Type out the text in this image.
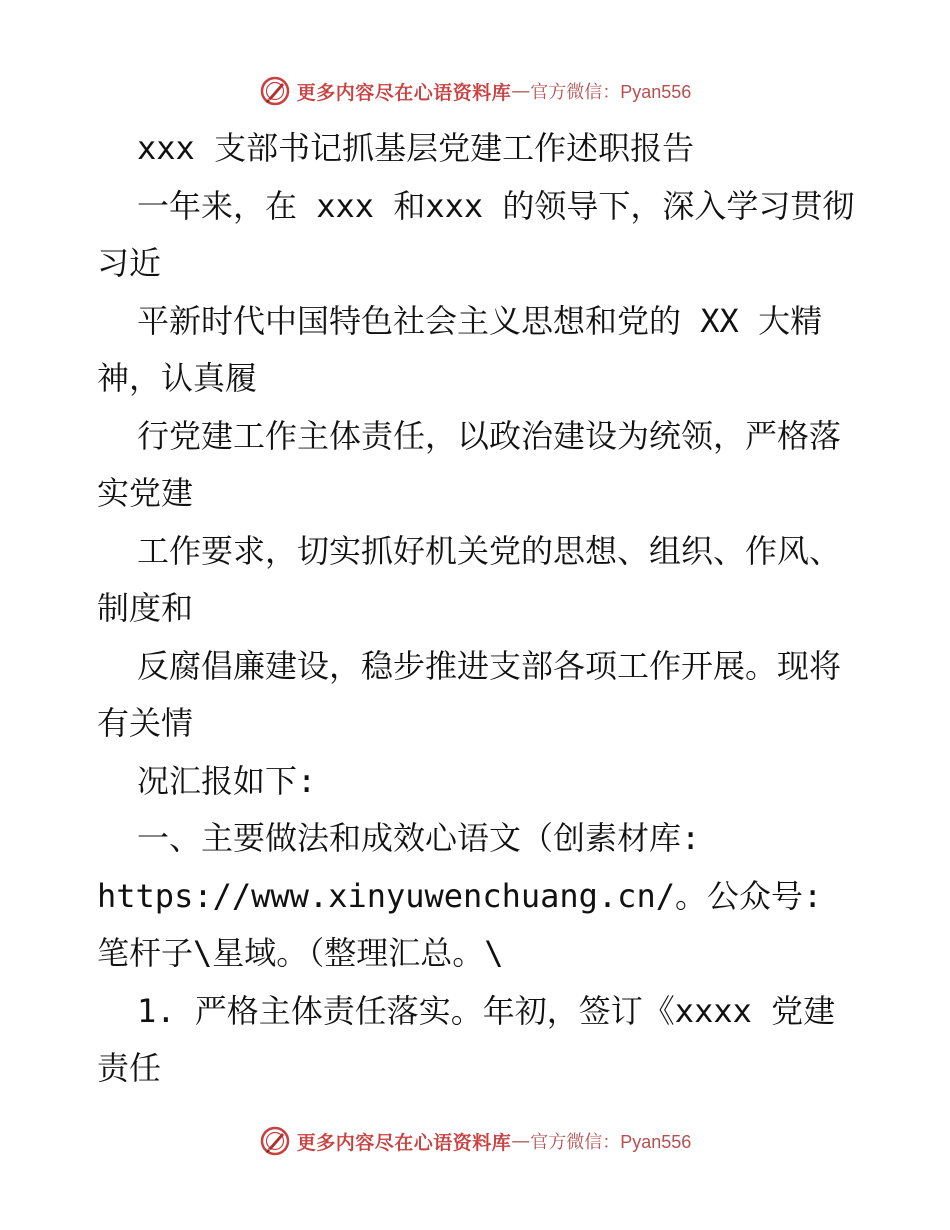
更多内容尽在心语资料库 — 官方微信：Pyan556

xxx 支部书记抓基层党建工作述职报告

一年来，在 xxx 和xxx 的领导下，深入学习贯彻习近

平新时代中国特色社会主义思想和党的 XX 大精神，认真履

行党建工作主体责任，以政治建设为统领，严格落实党建

工作要求，切实抓好机关党的思想、组织、作风、制度和

反腐倡廉建设，稳步推进支部各项工作开展。现将有关情

况汇报如下:

一、主要做法和成效心语文（创素材库:

https://www.xinyuwenchuang.cn/。公众号: 笔杆子\星域。（整理汇总。\

1. 严格主体责任落实。年初，签订《xxxx 党建责任

更多内容尽在心语资料库 — 官方微信：Pyan556
